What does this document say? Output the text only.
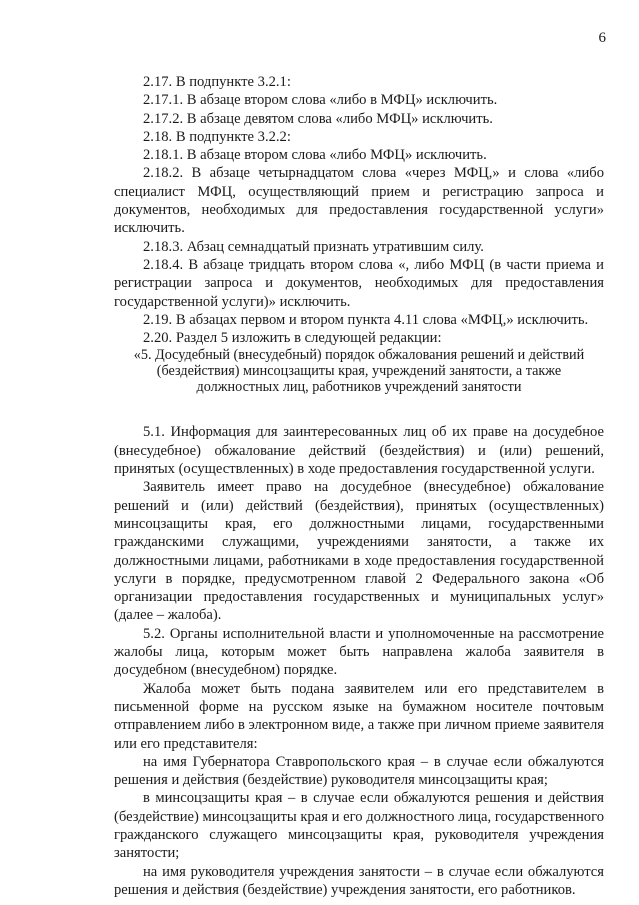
6

2.17. В подпункте 3.2.1:

2.17.1. В абзаце втором слова «либо в МФЦ» исключить.

2.17.2. В абзаце девятом слова «либо МФЦ» исключить.

2.18. В подпункте 3.2.2:

2.18.1. В абзаце втором слова «либо МФЦ» исключить.

2.18.2. В абзаце четырнадцатом слова «через МФЦ,» и слова «либо специалист МФЦ, осуществляющий прием и регистрацию запроса и документов, необходимых для предоставления государственной услуги» исключить.

2.18.3. Абзац семнадцатый признать утратившим силу.

2.18.4. В абзаце тридцать втором слова «, либо МФЦ (в части приема и регистрации запроса и документов, необходимых для предоставления государственной услуги)» исключить.

2.19. В абзацах первом и втором пункта 4.11 слова «МФЦ,» исключить.

2.20. Раздел 5 изложить в следующей редакции:

«5. Досудебный (внесудебный) порядок обжалования решений и действий (бездействия) минсоцзащиты края, учреждений занятости, а также должностных лиц, работников учреждений занятости

5.1. Информация для заинтересованных лиц об их праве на досудебное (внесудебное) обжалование действий (бездействия) и (или) решений, принятых (осуществленных) в ходе предоставления государственной услуги.

Заявитель имеет право на досудебное (внесудебное) обжалование решений и (или) действий (бездействия), принятых (осуществленных) минсоцзащиты края, его должностными лицами, государственными гражданскими служащими, учреждениями занятости, а также их должностными лицами, работниками в ходе предоставления государственной услуги в порядке, предусмотренном главой 2 Федерального закона «Об организации предоставления государственных и муниципальных услуг» (далее – жалоба).

5.2. Органы исполнительной власти и уполномоченные на рассмотрение жалобы лица, которым может быть направлена жалоба заявителя в досудебном (внесудебном) порядке.

Жалоба может быть подана заявителем или его представителем в письменной форме на русском языке на бумажном носителе почтовым отправлением либо в электронном виде, а также при личном приеме заявителя или его представителя:

на имя Губернатора Ставропольского края – в случае если обжалуются решения и действия (бездействие) руководителя минсоцзащиты края;

в минсоцзащиты края – в случае если обжалуются решения и действия (бездействие) минсоцзащиты края и его должностного лица, государственного гражданского служащего минсоцзащиты края, руководителя учреждения занятости;

на имя руководителя учреждения занятости – в случае если обжалуются решения и действия (бездействие) учреждения занятости, его работников.
